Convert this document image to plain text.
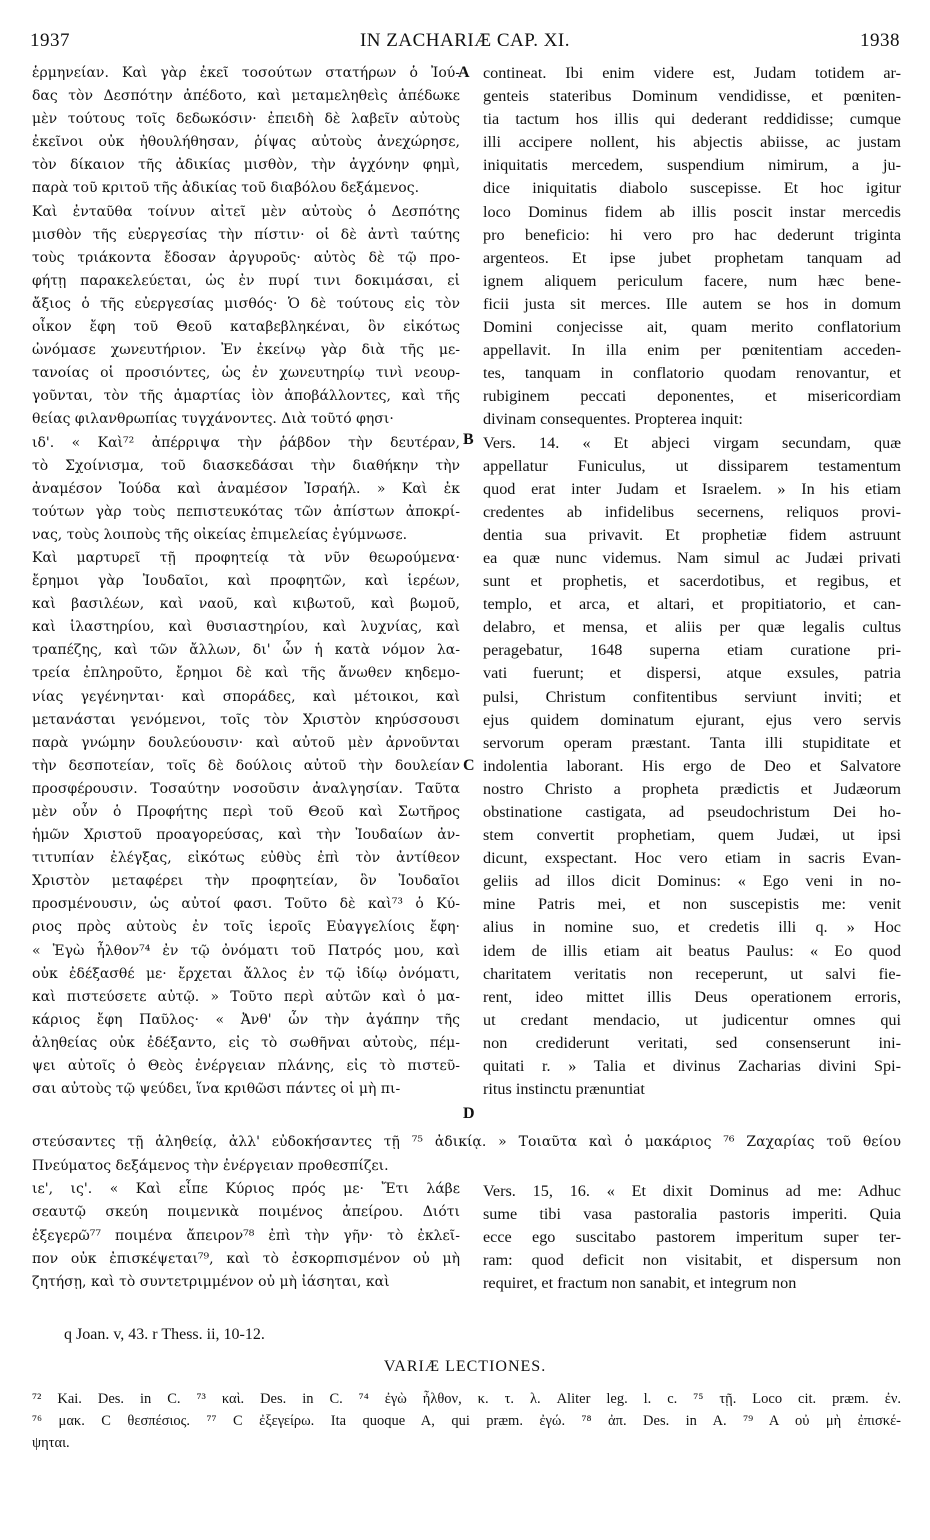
1937	IN ZACHARIÆ CAP. XI.	1938
ἑρμηνείαν. Καὶ γὰρ ἐκεῖ τοσούτων στατήρων ὁ Ἰού-
δας τὸν Δεσπότην ἀπέδοτο, καὶ μεταμεληθεὶς ἀπέδωκε
μὲν τούτους τοῖς δεδωκόσιν· ἐπειδὴ δὲ λαβεῖν αὐτοὺς
ἐκεῖνοι οὐκ ἠθουλήθησαν, ῥίψας αὐτοὺς ἀνεχώρησε,
τὸν δίκαιον τῆς ἀδικίας μισθὸν, τὴν ἀγχόνην φημὶ,
παρὰ τοῦ κριτοῦ τῆς ἀδικίας τοῦ διαβόλου δεξάμενος.
Καὶ ἐνταῦθα τοίνυν αἰτεῖ μὲν αὐτοὺς ὁ Δεσπότης
μισθὸν τῆς εὐεργεσίας τὴν πίστιν· οἱ δὲ ἀντὶ ταύτης
τοὺς τριάκοντα ἔδοσαν ἀργυροῦς· αὐτὸς δὲ τῷ προ-
φήτῃ παρακελεύεται, ὡς ἐν πυρί τινι δοκιμάσαι, εἰ
ἄξιος ὁ τῆς εὐεργεσίας μισθός· Ὁ δὲ τούτους εἰς τὸν
οἶκον ἔφη τοῦ Θεοῦ καταβεβληκέναι, ὃν εἰκότως
ὠνόμασε χωνευτήριον. Ἐν ἐκείνῳ γὰρ διὰ τῆς με-
τανοίας οἱ προσιόντες, ὡς ἐν χωνευτηρίῳ τινὶ νεουρ-
γοῦνται, τὸν τῆς ἁμαρτίας ἰὸν ἀποβάλλοντες, καὶ τῆς
θείας φιλανθρωπίας τυγχάνοντες. Διὰ τοῦτό φησι·
ιδ'. « Καὶ⁷² ἀπέρριψα τὴν ῥάβδον τὴν δευτέραν,
τὸ Σχοίνισμα, τοῦ διασκεδάσαι τὴν διαθήκην τὴν
ἀναμέσον Ἰούδα καὶ ἀναμέσον Ἰσραήλ. » Καὶ ἐκ
τούτων γὰρ τοὺς πεπιστευκότας τῶν ἀπίστων ἀποκρί-
νας, τοὺς λοιποὺς τῆς οἰκείας ἐπιμελείας ἐγύμνωσε.
Καὶ μαρτυρεῖ τῇ προφητείᾳ τὰ νῦν θεωρούμενα·
ἔρημοι γὰρ Ἰουδαῖοι, καὶ προφητῶν, καὶ ἱερέων,
καὶ βασιλέων, καὶ ναοῦ, καὶ κιβωτοῦ, καὶ βωμοῦ,
καὶ ἱλαστηρίου, καὶ θυσιαστηρίου, καὶ λυχνίας, καὶ
τραπέζης, καὶ τῶν ἄλλων, δι' ὧν ἡ κατὰ νόμον λα-
τρεία ἐπληροῦτο, ἔρημοι δὲ καὶ τῆς ἄνωθεν κηδεμο-
νίας γεγένηνται· καὶ σποράδες, καὶ μέτοικοι, καὶ
μετανάσται γενόμενοι, τοῖς τὸν Χριστὸν κηρύσσουσι
παρὰ γνώμην δουλεύουσιν· καὶ αὐτοῦ μὲν ἀρνοῦνται
τὴν δεσποτείαν, τοῖς δὲ δούλοις αὐτοῦ τὴν δουλείαν
προσφέρουσιν. Τοσαύτην νοσοῦσιν ἀναλγησίαν. Ταῦτα
μὲν οὖν ὁ Προφήτης περὶ τοῦ Θεοῦ καὶ Σωτῆρος
ἡμῶν Χριστοῦ προαγορεύσας, καὶ τὴν Ἰουδαίων ἀν-
τιτυπίαν ἐλέγξας, εἰκότως εὐθὺς ἐπὶ τὸν ἀντίθεον
Χριστὸν μεταφέρει τὴν προφητείαν, ὃν Ἰουδαῖοι
προσμένουσιν, ὡς αὐτοί φασι. Τοῦτο δὲ καὶ⁷³ ὁ Κύ-
ριος πρὸς αὐτοὺς ἐν τοῖς ἱεροῖς Εὐαγγελίοις ἔφη·
« Ἐγὼ ἦλθον⁷⁴ ἐν τῷ ὀνόματι τοῦ Πατρός μου, καὶ
οὐκ ἐδέξασθέ με· ἔρχεται ἄλλος ἐν τῷ ἰδίῳ ὀνόματι,
καὶ πιστεύσετε αὐτῷ. » Τοῦτο περὶ αὐτῶν καὶ ὁ μα-
κάριος ἔφη Παῦλος· « Ἀνθ' ὧν τὴν ἀγάπην τῆς
ἀληθείας οὐκ ἐδέξαντο, εἰς τὸ σωθῆναι αὐτοὺς, πέμ-
ψει αὐτοῖς ὁ Θεὸς ἐνέργειαν πλάνης, εἰς τὸ πιστεῦ-
σαι αὐτοὺς τῷ ψεύδει, ἵνα κριθῶσι πάντες οἱ μὴ πι-
contineat. Ibi enim videre est, Judam totidem ar-
genteis stateribus Dominum vendidisse, et pœniten-
tia tactum hos illis qui dederant reddidisse; cumque
illi accipere nollent, his abjectis abiisse, ac justam
iniquitatis mercedem, suspendium nimirum, a ju-
dice iniquitatis diabolo suscepisse. Et hoc igitur
loco Dominus fidem ab illis poscit instar mercedis
pro beneficio: hi vero pro hac dederunt triginta
argenteos. Et ipse jubet prophetam tanquam ad
ignem aliquem periculum facere, num hæc bene-
ficii justa sit merces. Ille autem se hos in domum
Domini conjecisse ait, quam merito conflatorium
appellavit. In illa enim per pœnitentiam acceden-
tes, tanquam in conflatorio quodam renovantur, et
rubiginem peccati deponentes, et misericordiam
divinam consequentes. Propterea inquit:
Vers. 14. « Et abjeci virgam secundam, quæ
appellatur Funiculus, ut dissiparem testamentum
quod erat inter Judam et Israelem. » In his etiam
credentes ab infidelibus secernens, reliquos provi-
dentia sua privavit. Et prophetiæ fidem astruunt
ea quæ nunc videmus. Nam simul ac Judæi privati
sunt et prophetis, et sacerdotibus, et regibus, et
templo, et arca, et altari, et propitiatorio, et can-
delabro, et mensa, et aliis per quæ legalis cultus
peragebatur, 1648 superna etiam curatione pri-
vati fuerunt; et dispersi, atque exsules, patria
pulsi, Christum confitentibus serviunt inviti; et
ejus quidem dominatum ejurant, ejus vero servis
servorum operam præstant. Tanta illi stupiditate et
indolentia laborant. His ergo de Deo et Salvatore
nostro Christo a propheta prædictis et Judæorum
obstinatione castigata, ad pseudochristum Dei ho-
stem convertit prophetiam, quem Judæi, ut ipsi
dicunt, exspectant. Hoc vero etiam in sacris Evan-
geliis ad illos dicit Dominus: « Ego veni in no-
mine Patris mei, et non suscepistis me: venit
alius in nomine suo, et credetis illi q. » Hoc
idem de illis etiam ait beatus Paulus: « Eo quod
charitatem veritatis non receperunt, ut salvi fie-
rent, ideo mittet illis Deus operationem erroris,
ut credant mendacio, ut judicentur omnes qui
non crediderunt veritati, sed consenserunt ini-
quitati r. » Talia et divinus Zacharias divini Spi-
ritus instinctu prænuntiat
A
B
C
D
στεύσαντες τῇ ἀληθείᾳ, ἀλλ' εὐδοκήσαντες τῇ ⁷⁵ ἀδικίᾳ. » Τοιαῦτα καὶ ὁ μακάριος ⁷⁶ Ζαχαρίας τοῦ θείου
Πνεύματος δεξάμενος τὴν ἐνέργειαν προθεσπίζει.
ιε', ις'. « Καὶ εἶπε Κύριος πρός με· Ἔτι λάβε
σεαυτῷ σκεύη ποιμενικὰ ποιμένος ἀπείρου. Διότι
ἐξεγερῶ⁷⁷ ποιμένα ἄπειρον⁷⁸ ἐπὶ τὴν γῆν· τὸ ἐκλεῖ-
πον οὐκ ἐπισκέψεται⁷⁹, καὶ τὸ ἐσκορπισμένον οὐ μὴ
ζητήσῃ, καὶ τὸ συντετριμμένον οὐ μὴ ἰάσηται, καὶ
Vers. 15, 16. « Et dixit Dominus ad me: Adhuc
sume tibi vasa pastoralia pastoris imperiti. Quia
ecce ego suscitabo pastorem imperitum super ter-
ram: quod deficit non visitabit, et dispersum non
requiret, et fractum non sanabit, et integrum non
q Joan. v, 43. r Thess. ii, 10-12.
VARIÆ LECTIONES.
⁷² Kai. Des. in C. ⁷³ καὶ. Des. in C. ⁷⁴ ἐγὼ ἦλθον, κ. τ. λ. Aliter leg. l. c. ⁷⁵ τῇ. Loco cit. præm. ἐν.
⁷⁶ μακ. C θεσπέσιος. ⁷⁷ C ἐξεγείρω. Ita quoque A, qui præm. ἐγώ. ⁷⁸ ἀπ. Des. in A. ⁷⁹ A οὐ μὴ ἐπισκέ-
ψηται.
